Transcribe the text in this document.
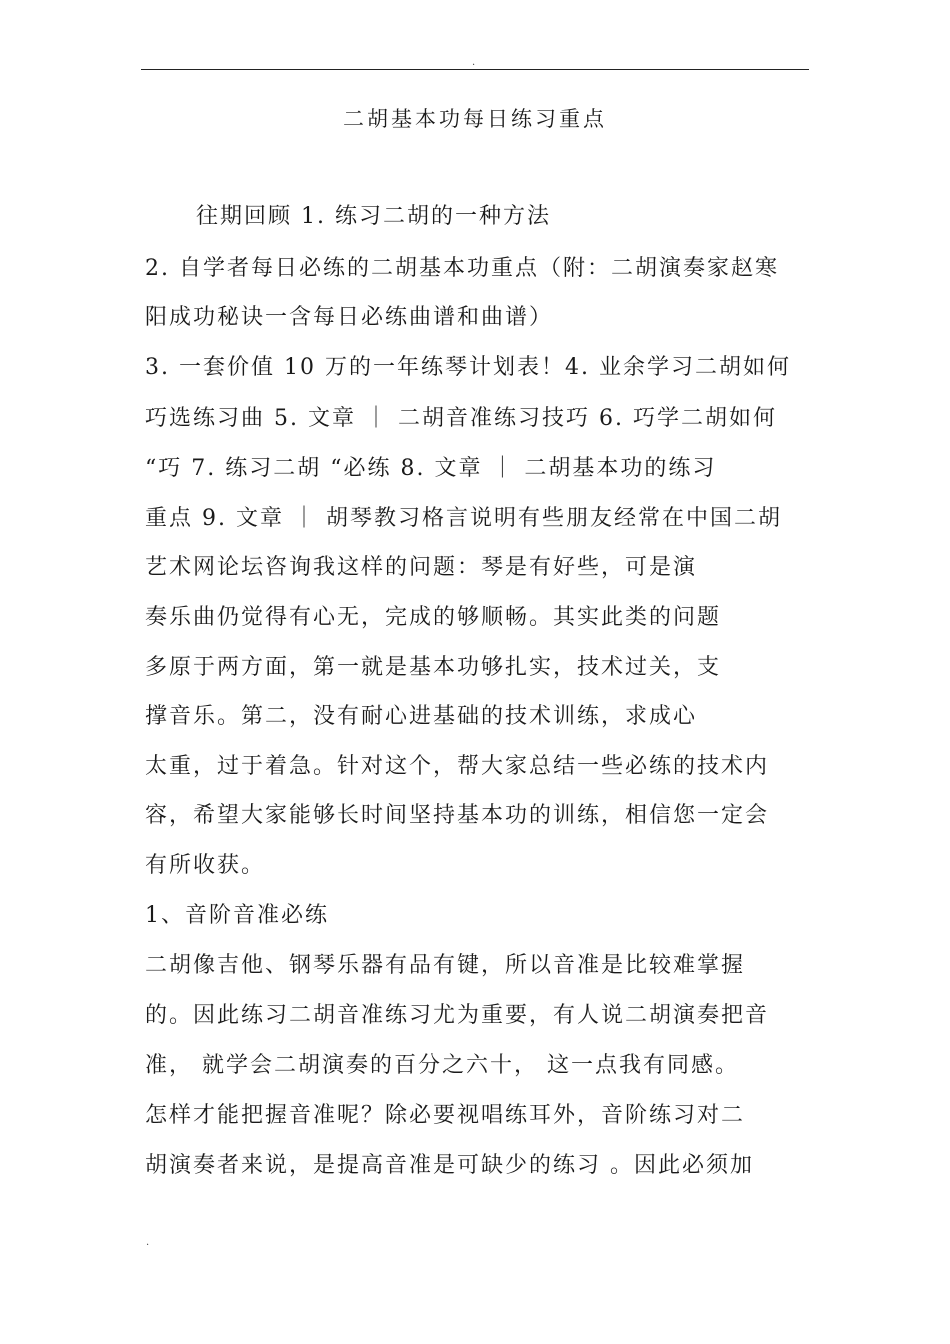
.
二胡基本功每日练习重点
往期回顾 1. 练习二胡的一种方法
2. 自学者每日必练的二胡基本功重点（附：二胡演奏家赵寒
阳成功秘诀一含每日必练曲谱和曲谱）
3. 一套价值 10 万的一年练琴计划表！4. 业余学习二胡如何
巧选练习曲 5. 文章 ｜ 二胡音准练习技巧 6. 巧学二胡如何
“巧 7. 练习二胡 “必练 8. 文章 ｜ 二胡基本功的练习
重点 9. 文章 ｜ 胡琴教习格言说明有些朋友经常在中国二胡
艺术网论坛咨询我这样的问题：琴是有好些，可是演
奏乐曲仍觉得有心无，完成的够顺畅。其实此类的问题
多原于两方面，第一就是基本功够扎实，技术过关，支
撑音乐。第二，没有耐心进基础的技术训练，求成心
太重，过于着急。针对这个，帮大家总结一些必练的技术内
容，希望大家能够长时间坚持基本功的训练，相信您一定会
有所收获。
1、音阶音准必练
二胡像吉他、钢琴乐器有品有键，所以音准是比较难掌握
的。因此练习二胡音准练习尤为重要，有人说二胡演奏把音
准， 就学会二胡演奏的百分之六十， 这一点我有同感。
怎样才能把握音准呢？除必要视唱练耳外，音阶练习对二
胡演奏者来说，是提高音准是可缺少的练习 。因此必须加
.
